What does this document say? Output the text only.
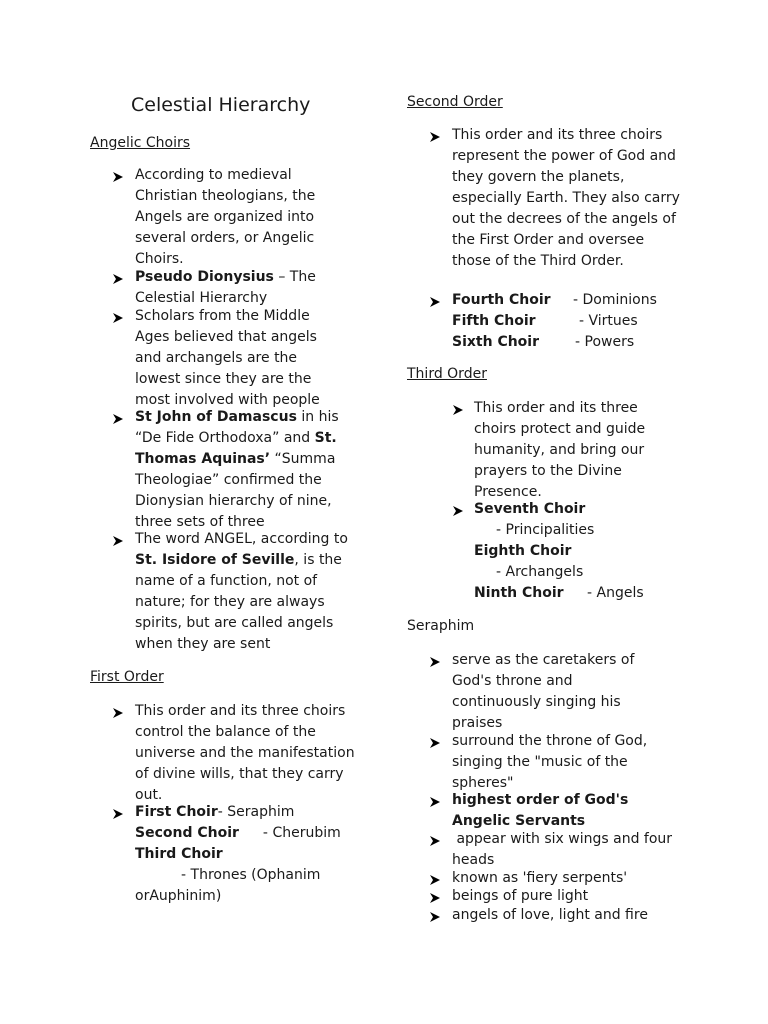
Celestial Hierarchy
Angelic Choirs
According to medieval Christian theologians, the Angels are organized into several orders, or Angelic Choirs.
Pseudo Dionysius – The Celestial Hierarchy
Scholars from the Middle Ages believed that angels and archangels are the lowest since they are the most involved with people
St John of Damascus in his “De Fide Orthodoxa” and St. Thomas Aquinas’ “Summa Theologiae” confirmed the Dionysian hierarchy of nine, three sets of three
The word ANGEL, according to St. Isidore of Seville, is the name of a function, not of nature; for they are always spirits, but are called angels when they are sent
First Order
This order and its three choirs control the balance of the universe and the manifestation of divine wills, that they carry out.
First Choir- Seraphim
Second Choir - Cherubim
Third Choir
- Thrones (Ophanim orAuphinim)
Second Order
This order and its three choirs represent the power of God and they govern the planets, especially Earth. They also carry out the decrees of the angels of the First Order and oversee those of the Third Order.
Fourth Choir - Dominions
Fifth Choir	- Virtues
Sixth Choir	- Powers
Third Order
This order and its three choirs protect and guide humanity, and bring our prayers to the Divine Presence.
Seventh Choir
- Principalities
Eighth Choir
- Archangels
Ninth Choir - Angels
Seraphim
serve as the caretakers of God's throne and continuously singing his praises
surround the throne of God, singing the "music of the spheres"
highest order of God's Angelic Servants
appear with six wings and four heads
known as 'fiery serpents'
beings of pure light
angels of love, light and fire
